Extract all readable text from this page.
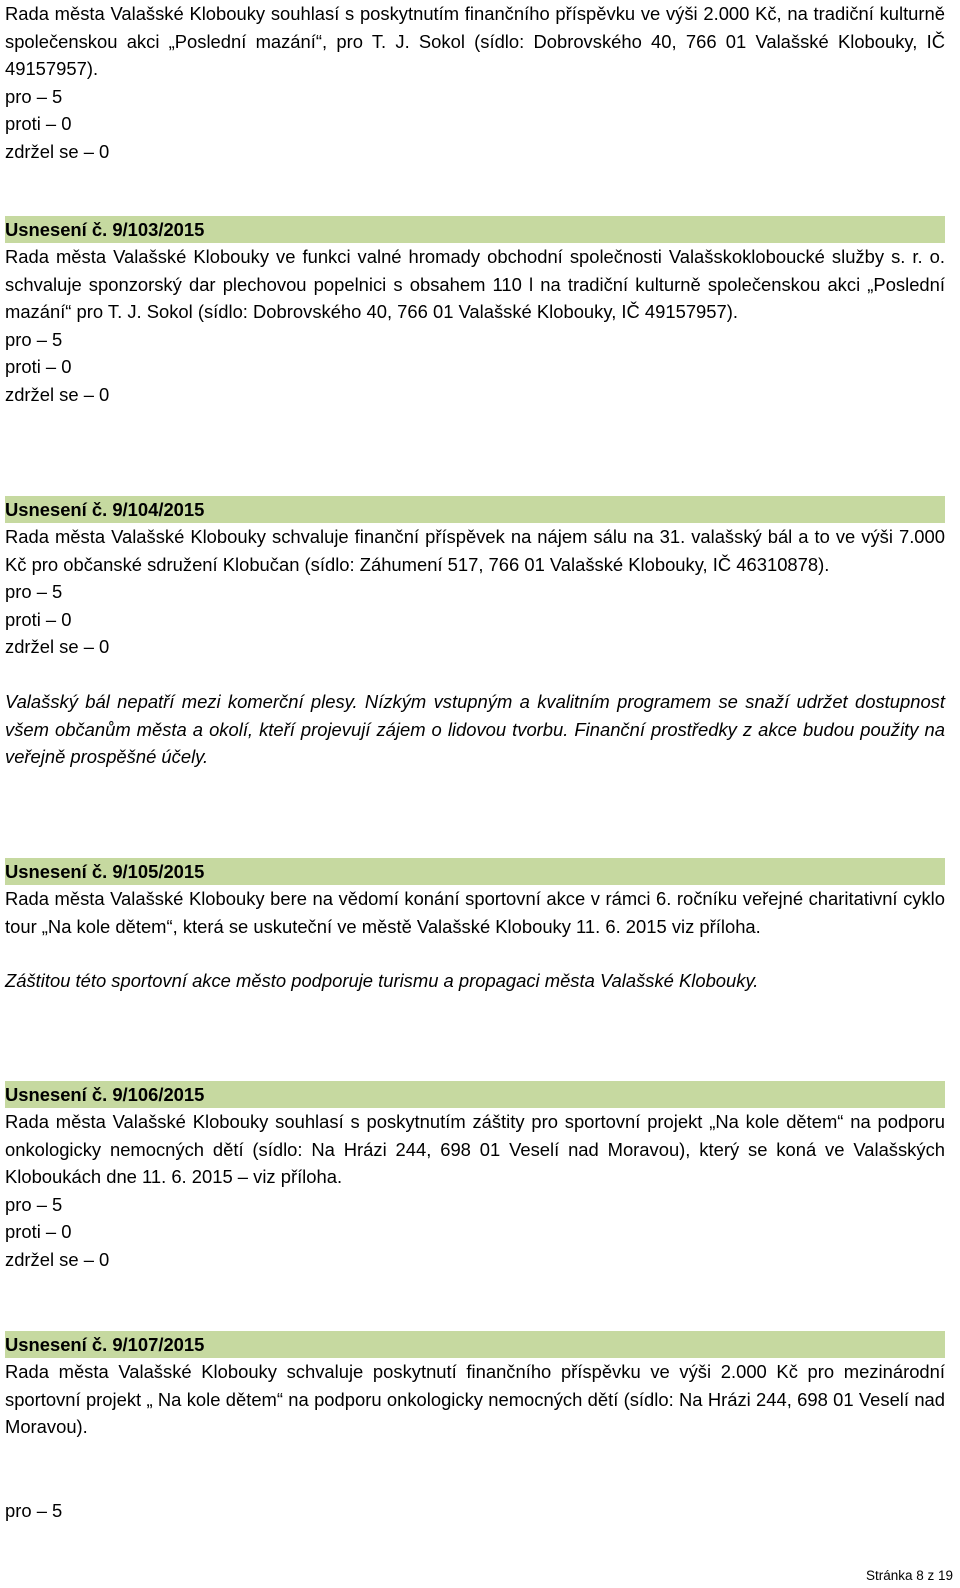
Rada města Valašské Klobouky souhlasí s poskytnutím finančního příspěvku ve výši 2.000 Kč, na tradiční kulturně společenskou akci „Poslední mazání“, pro T. J. Sokol (sídlo: Dobrovského 40, 766 01 Valašské Klobouky, IČ 49157957).

pro – 5

proti – 0

zdržel se – 0

Usnesení č. 9/103/2015

Rada města Valašské Klobouky ve funkci valné hromady obchodní společnosti Valašskokloboucké služby s. r. o. schvaluje sponzorský dar plechovou popelnici s obsahem 110 l na tradiční kulturně společenskou akci „Poslední mazání“ pro T. J. Sokol (sídlo: Dobrovského 40, 766 01 Valašské Klobouky, IČ 49157957).

pro – 5

proti – 0

zdržel se – 0

Usnesení č. 9/104/2015

Rada města Valašské Klobouky schvaluje finanční příspěvek na nájem sálu na 31. valašský bál a to ve výši 7.000 Kč pro občanské sdružení Klobučan (sídlo: Záhumení 517, 766 01 Valašské Klobouky, IČ 46310878).

pro – 5

proti – 0

zdržel se – 0

Valašský bál nepatří mezi komerční plesy. Nízkým vstupným a kvalitním programem se snaží udržet dostupnost všem občanům města a okolí, kteří projevují zájem o lidovou tvorbu. Finanční prostředky z akce budou použity na veřejně prospěšné účely.

Usnesení č. 9/105/2015

Rada města Valašské Klobouky bere na vědomí konání sportovní akce v rámci 6. ročníku veřejné charitativní cyklo tour „Na kole dětem“, která se uskuteční ve městě Valašské Klobouky 11. 6. 2015 viz příloha.

Záštitou této sportovní akce město podporuje turismu a propagaci města Valašské Klobouky.

Usnesení č. 9/106/2015

Rada města Valašské Klobouky souhlasí s poskytnutím záštity pro sportovní projekt „Na kole dětem“ na podporu onkologicky nemocných dětí (sídlo: Na Hrázi 244, 698 01 Veselí nad Moravou), který se koná ve Valašských Kloboukách dne 11. 6. 2015 – viz příloha.

pro – 5

proti – 0

zdržel se – 0

Usnesení č. 9/107/2015

Rada města Valašské Klobouky schvaluje poskytnutí finančního příspěvku ve výši 2.000 Kč pro mezinárodní sportovní projekt „ Na kole dětem“ na podporu onkologicky nemocných dětí (sídlo: Na Hrázi 244, 698 01 Veselí nad Moravou).

pro – 5

Stránka 8 z 19
